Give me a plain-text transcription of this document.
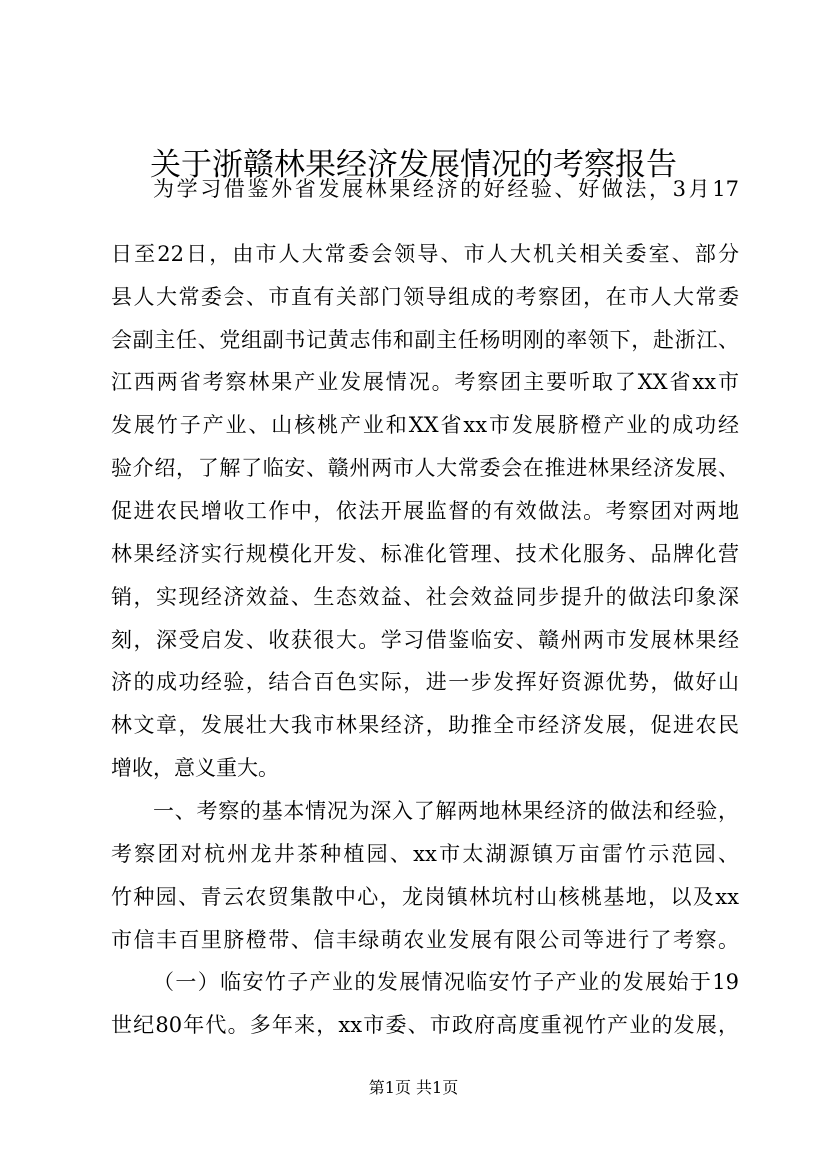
关于浙赣林果经济发展情况的考察报告
为学习借鉴外省发展林果经济的好经验、好做法，3月17
日至22日，由市人大常委会领导、市人大机关相关委室、部分
县人大常委会、市直有关部门领导组成的考察团，在市人大常委
会副主任、党组副书记黄志伟和副主任杨明刚的率领下，赴浙江、
江西两省考察林果产业发展情况。考察团主要听取了XX省xx市
发展竹子产业、山核桃产业和XX省xx市发展脐橙产业的成功经
验介绍，了解了临安、赣州两市人大常委会在推进林果经济发展、
促进农民增收工作中，依法开展监督的有效做法。考察团对两地
林果经济实行规模化开发、标准化管理、技术化服务、品牌化营
销，实现经济效益、生态效益、社会效益同步提升的做法印象深
刻，深受启发、收获很大。学习借鉴临安、赣州两市发展林果经
济的成功经验，结合百色实际，进一步发挥好资源优势，做好山
林文章，发展壮大我市林果经济，助推全市经济发展，促进农民
增收，意义重大。
一、考察的基本情况为深入了解两地林果经济的做法和经验，
考察团对杭州龙井茶种植园、xx市太湖源镇万亩雷竹示范园、
竹种园、青云农贸集散中心，龙岗镇林坑村山核桃基地，以及xx
市信丰百里脐橙带、信丰绿萌农业发展有限公司等进行了考察。
（一）临安竹子产业的发展情况临安竹子产业的发展始于19
世纪80年代。多年来，xx市委、市政府高度重视竹产业的发展，
第1页 共1页
